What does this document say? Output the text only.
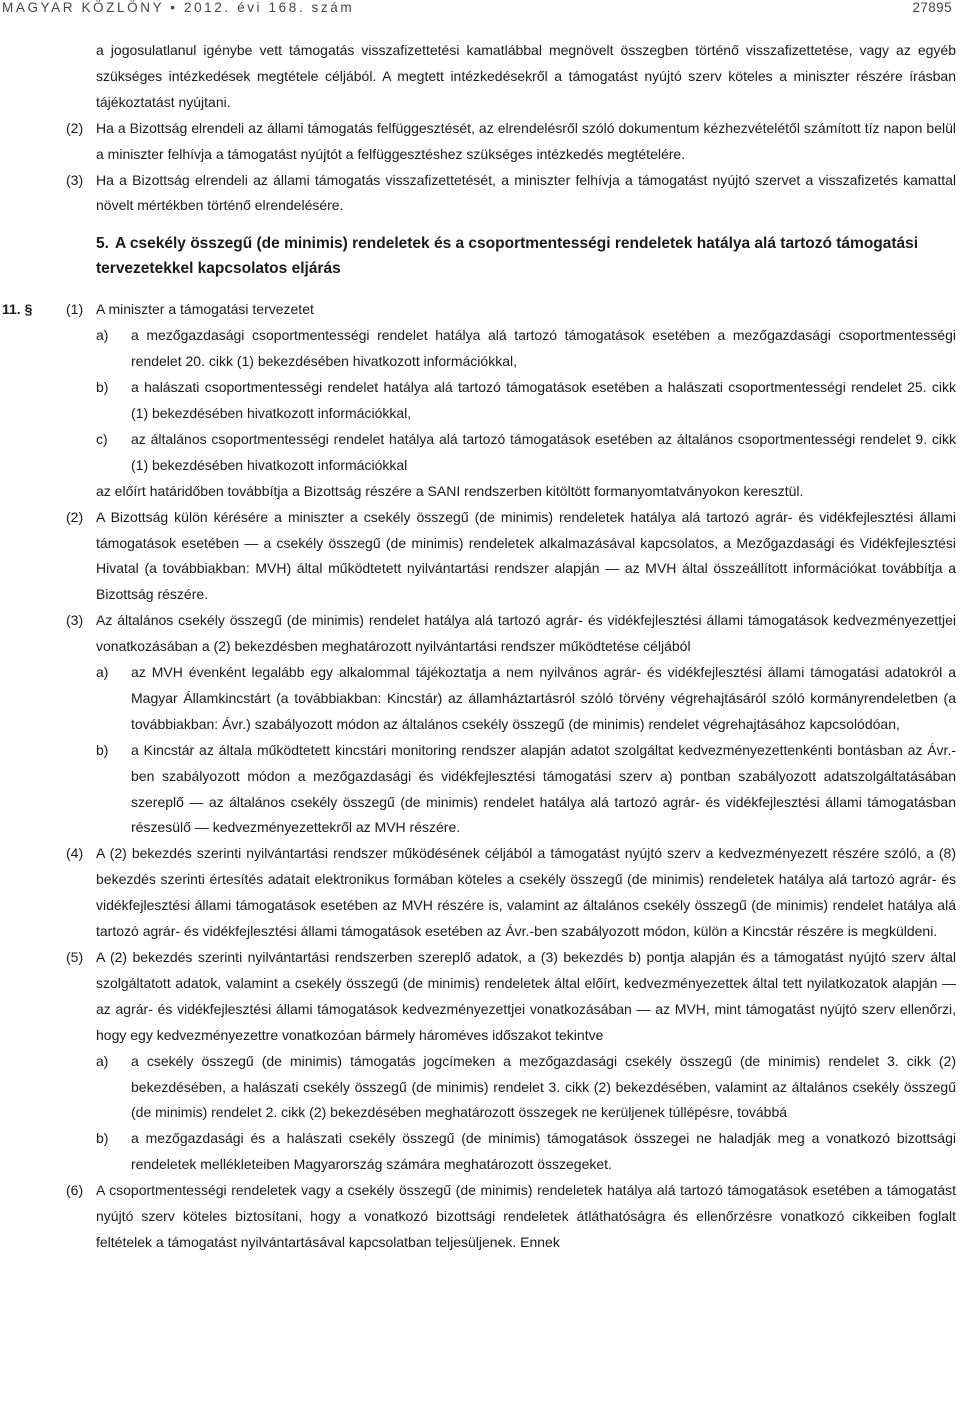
MAGYAR KÖZLÖNY • 2012. évi 168. szám	27895

a jogosulatlanul igénybe vett támogatás visszafizettetési kamatlábbal megnövelt összegben történő visszafizettetése, vagy az egyéb szükséges intézkedések megtétele céljából. A megtett intézkedésekről a támogatást nyújtó szerv köteles a miniszter részére írásban tájékoztatást nyújtani.

(2) Ha a Bizottság elrendeli az állami támogatás felfüggesztését, az elrendelésről szóló dokumentum kézhezvételétől számított tíz napon belül a miniszter felhívja a támogatást nyújtót a felfüggesztéshez szükséges intézkedés megtételére.
(3) Ha a Bizottság elrendeli az állami támogatás visszafizettetését, a miniszter felhívja a támogatást nyújtó szervet a visszafizetés kamattal növelt mértékben történő elrendelésére.
5. A csekély összegű (de minimis) rendeletek és a csoportmentességi rendeletek hatálya alá tartozó támogatási tervezetekkel kapcsolatos eljárás
11. § (1) A miniszter a támogatási tervezetet
a) a mezőgazdasági csoportmentességi rendelet hatálya alá tartozó támogatások esetében a mezőgazdasági csoportmentességi rendelet 20. cikk (1) bekezdésében hivatkozott információkkal,
b) a halászati csoportmentességi rendelet hatálya alá tartozó támogatások esetében a halászati csoportmentességi rendelet 25. cikk (1) bekezdésében hivatkozott információkkal,
c) az általános csoportmentességi rendelet hatálya alá tartozó támogatások esetében az általános csoportmentességi rendelet 9. cikk (1) bekezdésében hivatkozott információkkal

az előírt határidőben továbbítja a Bizottság részére a SANI rendszerben kitöltött formanyomtatványokon keresztül.

(2) A Bizottság külön kérésére a miniszter a csekély összegű (de minimis) rendeletek hatálya alá tartozó agrár- és vidékfejlesztési állami támogatások esetében — a csekély összegű (de minimis) rendeletek alkalmazásával kapcsolatos, a Mezőgazdasági és Vidékfejlesztési Hivatal (a továbbiakban: MVH) által működtetett nyilvántartási rendszer alapján — az MVH által összeállított információkat továbbítja a Bizottság részére.
(3) Az általános csekély összegű (de minimis) rendelet hatálya alá tartozó agrár- és vidékfejlesztési állami támogatások kedvezményezettjei vonatkozásában a (2) bekezdésben meghatározott nyilvántartási rendszer működtetése céljából
a) az MVH évenként legalább egy alkalommal tájékoztatja a nem nyilvános agrár- és vidékfejlesztési állami támogatási adatokról a Magyar Államkincstárt (a továbbiakban: Kincstár) az államháztartásról szóló törvény végrehajtásáról szóló kormányrendeletben (a továbbiakban: Ávr.) szabályozott módon az általános csekély összegű (de minimis) rendelet végrehajtásához kapcsolódóan,
b) a Kincstár az általa működtetett kincstári monitoring rendszer alapján adatot szolgáltat kedvezményezettenkénti bontásban az Ávr.-ben szabályozott módon a mezőgazdasági és vidékfejlesztési támogatási szerv a) pontban szabályozott adatszolgáltatásában szereplő — az általános csekély összegű (de minimis) rendelet hatálya alá tartozó agrár- és vidékfejlesztési állami támogatásban részesülő — kedvezményezettekről az MVH részére.
(4) A (2) bekezdés szerinti nyilvántartási rendszer működésének céljából a támogatást nyújtó szerv a kedvezményezett részére szóló, a (8) bekezdés szerinti értesítés adatait elektronikus formában köteles a csekély összegű (de minimis) rendeletek hatálya alá tartozó agrár- és vidékfejlesztési állami támogatások esetében az MVH részére is, valamint az általános csekély összegű (de minimis) rendelet hatálya alá tartozó agrár- és vidékfejlesztési állami támogatások esetében az Ávr.-ben szabályozott módon, külön a Kincstár részére is megküldeni.
(5) A (2) bekezdés szerinti nyilvántartási rendszerben szereplő adatok, a (3) bekezdés b) pontja alapján és a támogatást nyújtó szerv által szolgáltatott adatok, valamint a csekély összegű (de minimis) rendeletek által előírt, kedvezményezettek által tett nyilatkozatok alapján — az agrár- és vidékfejlesztési állami támogatások kedvezményezettjei vonatkozásában — az MVH, mint támogatást nyújtó szerv ellenőrzi, hogy egy kedvezményezettre vonatkozóan bármely hároméves időszakot tekintve
a) a csekély összegű (de minimis) támogatás jogcímeken a mezőgazdasági csekély összegű (de minimis) rendelet 3. cikk (2) bekezdésében, a halászati csekély összegű (de minimis) rendelet 3. cikk (2) bekezdésében, valamint az általános csekély összegű (de minimis) rendelet 2. cikk (2) bekezdésében meghatározott összegek ne kerüljenek túllépésre, továbbá
b) a mezőgazdasági és a halászati csekély összegű (de minimis) támogatások összegei ne haladják meg a vonatkozó bizottsági rendeletek mellékleteiben Magyarország számára meghatározott összegeket.
(6) A csoportmentességi rendeletek vagy a csekély összegű (de minimis) rendeletek hatálya alá tartozó támogatások esetében a támogatást nyújtó szerv köteles biztosítani, hogy a vonatkozó bizottsági rendeletek átláthatóságra és ellenőrzésre vonatkozó cikkeiben foglalt feltételek a támogatást nyilvántartásával kapcsolatban teljesüljenek. Ennek
